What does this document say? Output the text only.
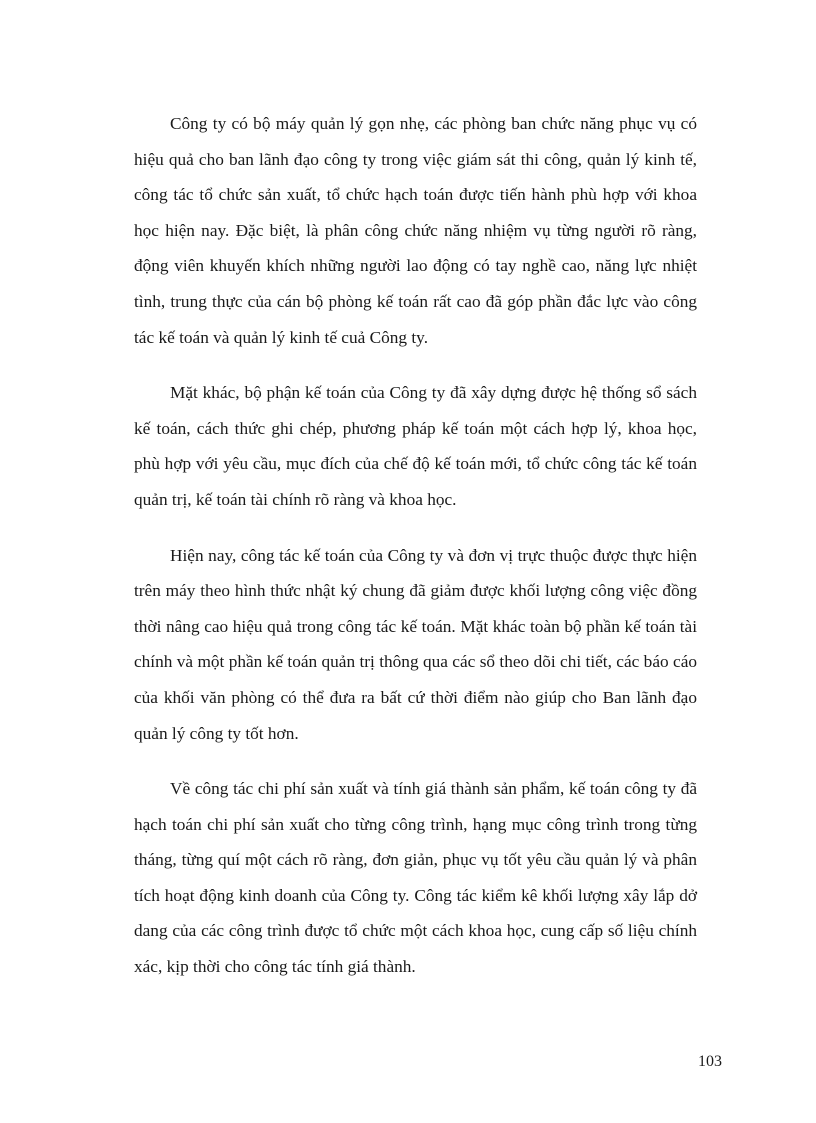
Công ty có bộ máy quản lý gọn nhẹ, các phòng ban chức năng phục vụ có hiệu quả cho ban lãnh đạo công ty trong việc giám sát thi công, quản lý kinh tế, công tác tổ chức sản xuất, tổ chức hạch toán được tiến hành phù hợp với khoa học hiện nay. Đặc biệt, là phân công chức năng nhiệm vụ từng người rõ ràng, động viên khuyến khích những người lao động có tay nghề cao, năng lực nhiệt tình, trung thực của cán bộ phòng kế toán rất cao đã góp phần đắc lực vào công tác kế toán và quản lý kinh tế cuả Công ty.

Mặt khác, bộ phận kế toán của Công ty đã xây dựng được hệ thống sổ sách kế toán, cách thức ghi chép, phương pháp kế toán một cách hợp lý, khoa học, phù hợp với yêu cầu, mục đích của chế độ kế toán mới, tổ chức công tác kế toán quản trị, kế toán tài chính rõ ràng và khoa học.

Hiện nay, công tác kế toán của Công ty và đơn vị trực thuộc được thực hiện trên máy theo hình thức nhật ký chung đã giảm được khối lượng công việc đồng thời nâng cao hiệu quả trong công tác kế toán. Mặt khác toàn bộ phần kế toán tài chính và một phần kế toán quản trị thông qua các sổ theo dõi chi tiết, các báo cáo của khối văn phòng có thể đưa ra bất cứ thời điểm nào giúp cho Ban lãnh đạo quản lý công ty tốt hơn.

Về công tác chi phí sản xuất và tính giá thành sản phẩm, kế toán công ty đã hạch toán chi phí sản xuất cho từng công trình, hạng mục công trình trong từng tháng, từng quí một cách rõ ràng, đơn giản, phục vụ tốt yêu cầu quản lý và phân tích hoạt động kinh doanh của Công ty. Công tác kiểm kê khối lượng xây lắp dở dang của các công trình được tổ chức một cách khoa học, cung cấp số liệu chính xác, kịp thời cho công tác tính giá thành.

103
